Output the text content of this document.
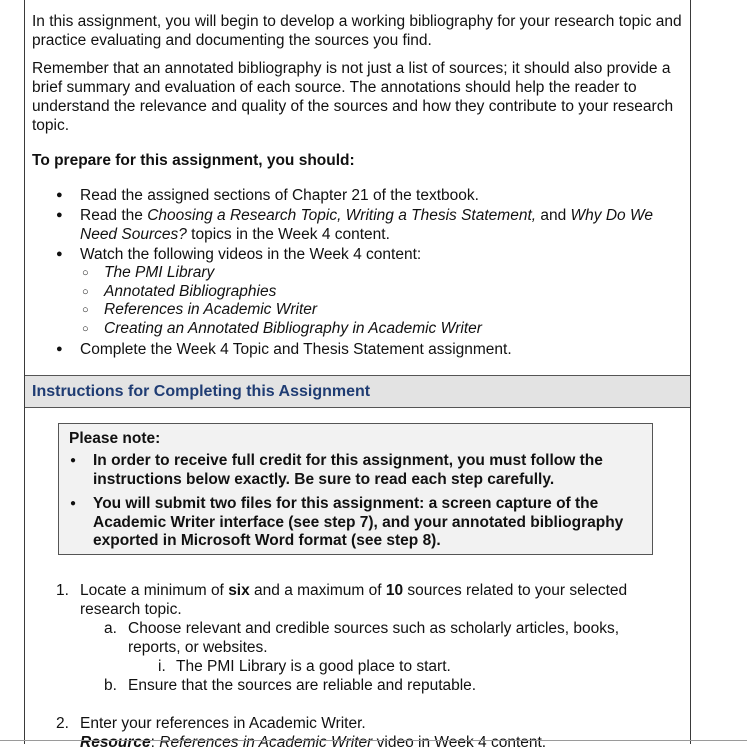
In this assignment, you will begin to develop a working bibliography for your research topic and practice evaluating and documenting the sources you find.

Remember that an annotated bibliography is not just a list of sources; it should also provide a brief summary and evaluation of each source. The annotations should help the reader to understand the relevance and quality of the sources and how they contribute to your research topic.

To prepare for this assignment, you should:

● Read the assigned sections of Chapter 21 of the textbook.
● Read the Choosing a Research Topic, Writing a Thesis Statement, and Why Do We Need Sources? topics in the Week 4 content.
● Watch the following videos in the Week 4 content:
○ The PMI Library
○ Annotated Bibliographies
○ References in Academic Writer
○ Creating an Annotated Bibliography in Academic Writer
● Complete the Week 4 Topic and Thesis Statement assignment.
Instructions for Completing this Assignment
Please note:
● In order to receive full credit for this assignment, you must follow the instructions below exactly. Be sure to read each step carefully.
● You will submit two files for this assignment: a screen capture of the Academic Writer interface (see step 7), and your annotated bibliography exported in Microsoft Word format (see step 8).
1. Locate a minimum of six and a maximum of 10 sources related to your selected research topic.
a. Choose relevant and credible sources such as scholarly articles, books, reports, or websites.
i. The PMI Library is a good place to start.
b. Ensure that the sources are reliable and reputable.
2. Enter your references in Academic Writer.
Resource: References in Academic Writer video in Week 4 content.
